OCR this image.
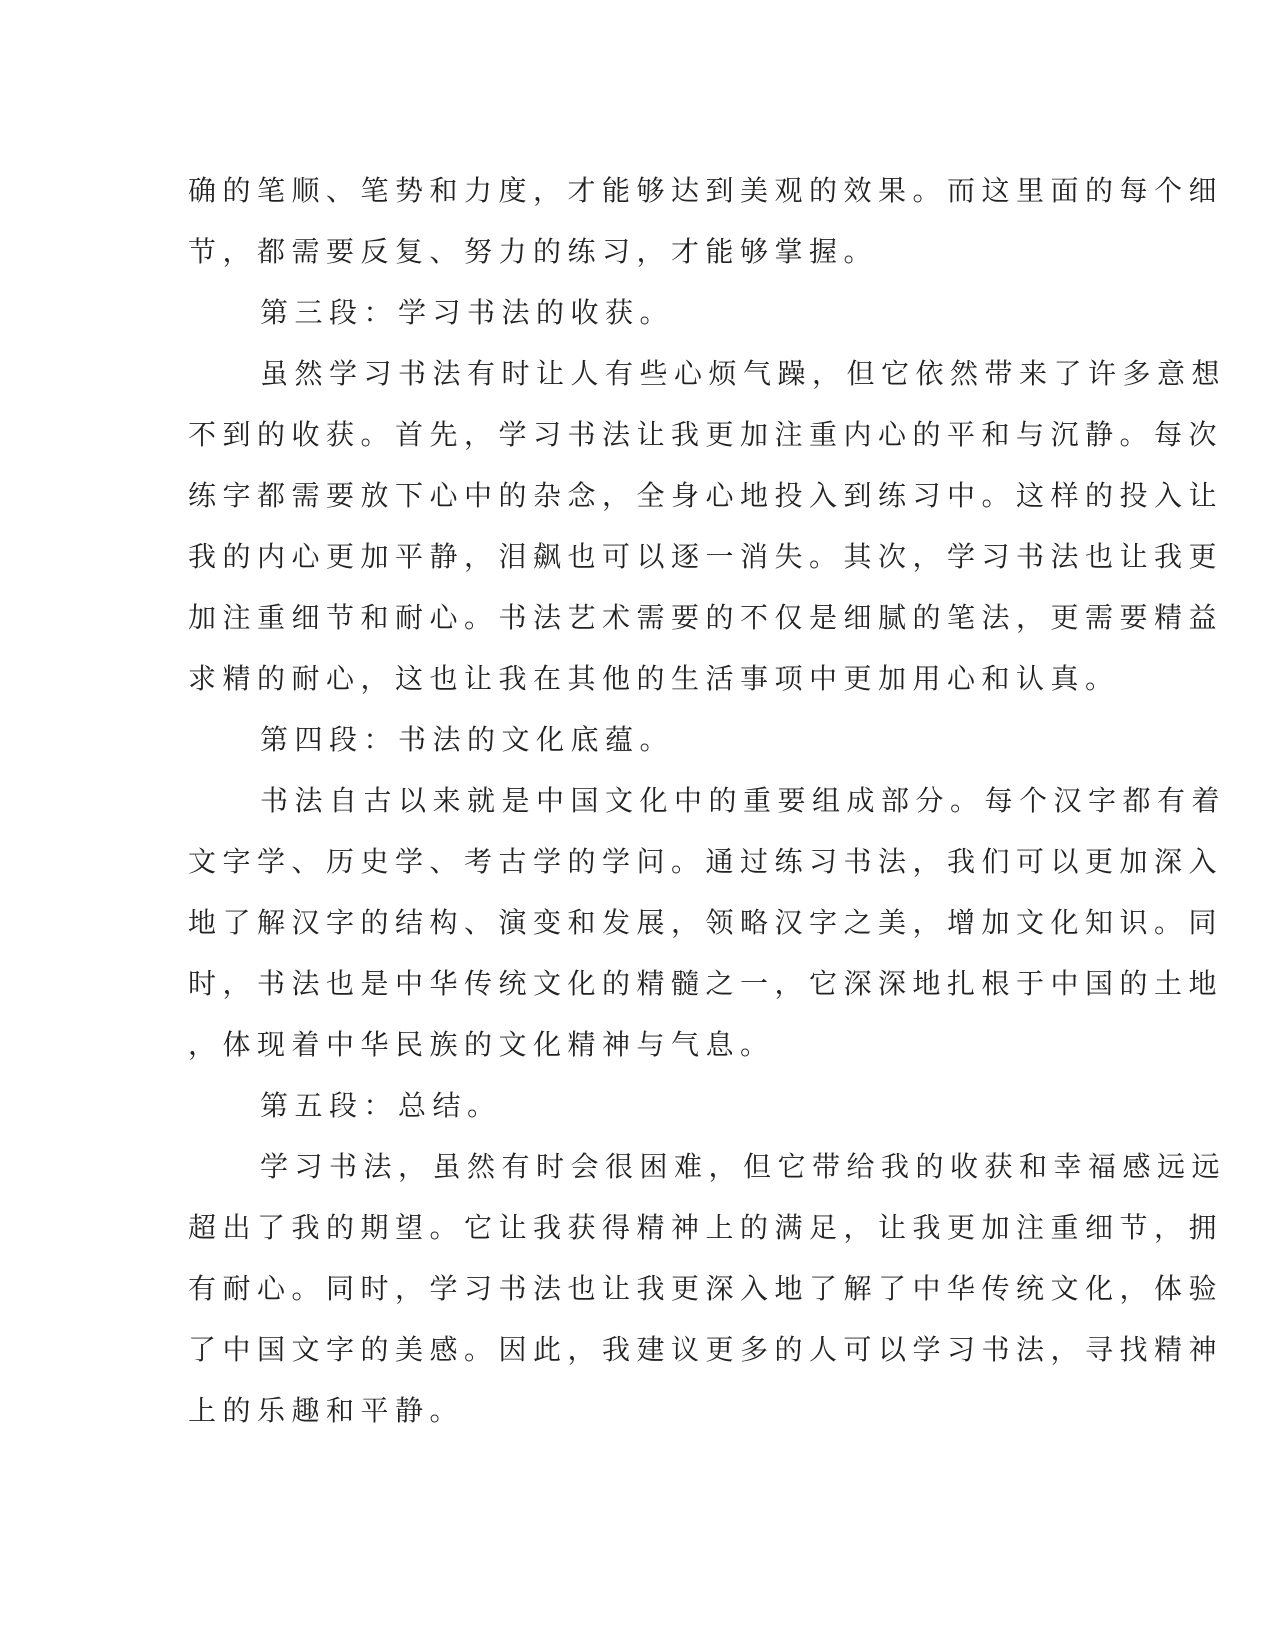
确的笔顺、笔势和力度，才能够达到美观的效果。而这里面的每个细

节，都需要反复、努力的练习，才能够掌握。

第三段：学习书法的收获。

虽然学习书法有时让人有些心烦气躁，但它依然带来了许多意想

不到的收获。首先，学习书法让我更加注重内心的平和与沉静。每次

练字都需要放下心中的杂念，全身心地投入到练习中。这样的投入让

我的内心更加平静，泪飙也可以逐一消失。其次，学习书法也让我更

加注重细节和耐心。书法艺术需要的不仅是细腻的笔法，更需要精益

求精的耐心，这也让我在其他的生活事项中更加用心和认真。

第四段：书法的文化底蕴。

书法自古以来就是中国文化中的重要组成部分。每个汉字都有着

文字学、历史学、考古学的学问。通过练习书法，我们可以更加深入

地了解汉字的结构、演变和发展，领略汉字之美，增加文化知识。同

时，书法也是中华传统文化的精髓之一，它深深地扎根于中国的土地

，体现着中华民族的文化精神与气息。

第五段：总结。

学习书法，虽然有时会很困难，但它带给我的收获和幸福感远远

超出了我的期望。它让我获得精神上的满足，让我更加注重细节，拥

有耐心。同时，学习书法也让我更深入地了解了中华传统文化，体验

了中国文字的美感。因此，我建议更多的人可以学习书法，寻找精神

上的乐趣和平静。
